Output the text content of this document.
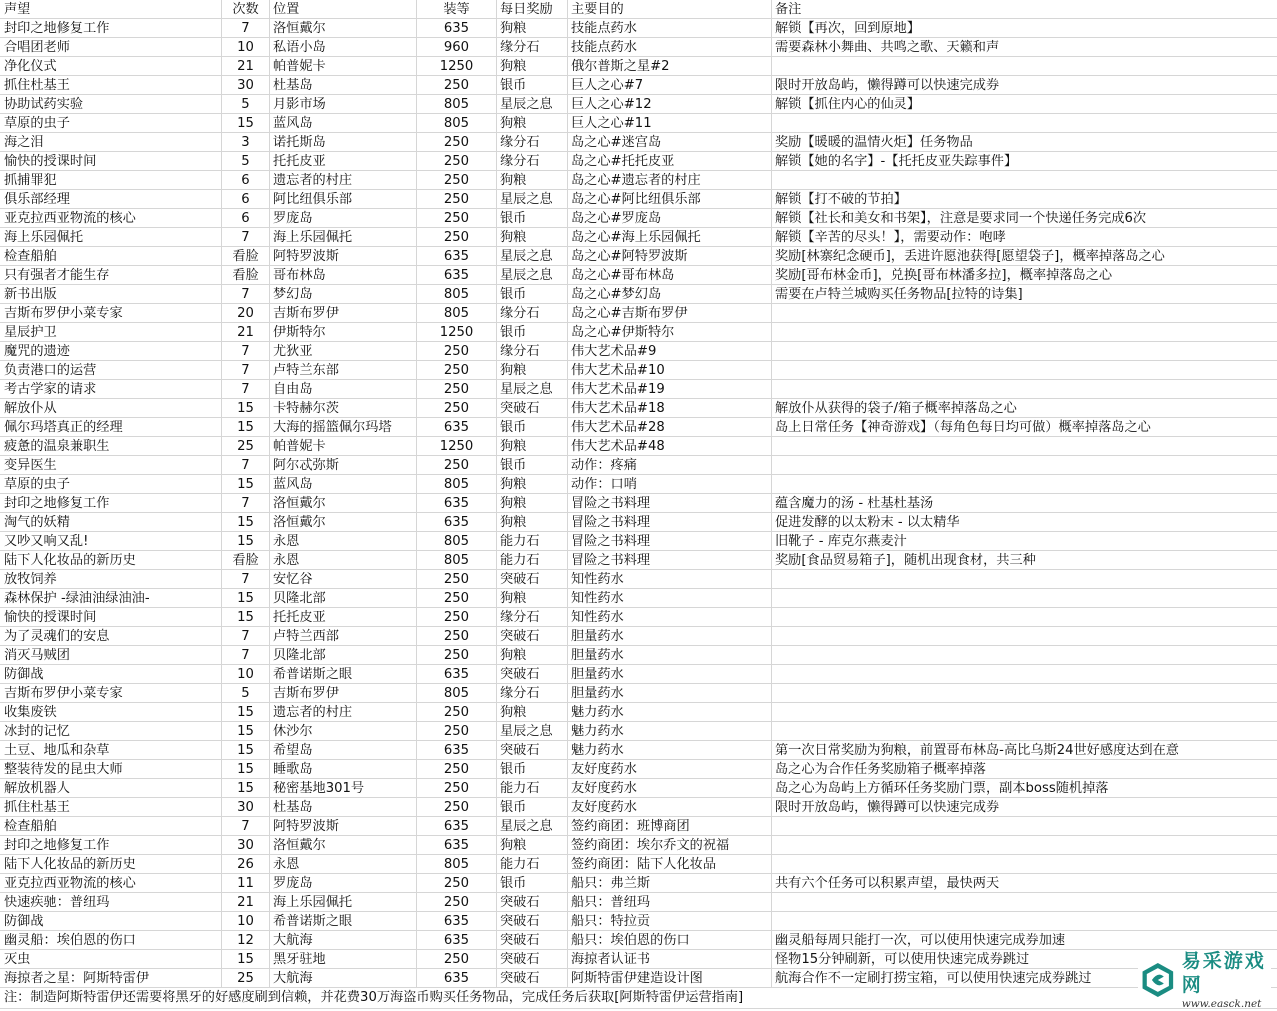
声望	次数	位置	装等	每日奖励	主要目的	备注
封印之地修复工作	7	洛恒戴尔	635	狗粮	技能点药水	解锁【再次，回到原地】
合唱团老师	10	私语小岛	960	缘分石	技能点药水	需要森林小舞曲、共鸣之歌、天籁和声
净化仪式	21	帕普妮卡	1250	狗粮	俄尔普斯之星#2
抓住杜基王	30	杜基岛	250	银币	巨人之心#7	限时开放岛屿，懒得蹲可以快速完成券
协助试药实验	5	月影市场	805	星辰之息	巨人之心#12	解锁【抓住内心的仙灵】
草原的虫子	15	蓝风岛	805	狗粮	巨人之心#11
海之泪	3	诺托斯岛	250	缘分石	岛之心#迷宫岛	奖励【暖暖的温情火炬】任务物品
愉快的授课时间	5	托托皮亚	250	缘分石	岛之心#托托皮亚	解锁【她的名字】-【托托皮亚失踪事件】
抓捕罪犯	6	遗忘者的村庄	250	狗粮	岛之心#遗忘者的村庄
俱乐部经理	6	阿比纽俱乐部	250	星辰之息	岛之心#阿比纽俱乐部	解锁【打不破的节拍】
亚克拉西亚物流的核心	6	罗庞岛	250	银币	岛之心#罗庞岛	解锁【社长和美女和书架】，注意是要求同一个快递任务完成6次
海上乐园佩托	7	海上乐园佩托	250	狗粮	岛之心#海上乐园佩托	解锁【辛苦的尽头！】，需要动作：咆哮
检查船舶	看脸	阿特罗波斯	635	星辰之息	岛之心#阿特罗波斯	奖励[林寨纪念硬币]，丢进许愿池获得[愿望袋子]，概率掉落岛之心
只有强者才能生存	看脸	哥布林岛	635	星辰之息	岛之心#哥布林岛	奖励[哥布林金币]，兑换[哥布林潘多拉]，概率掉落岛之心
新书出版	7	梦幻岛	805	银币	岛之心#梦幻岛	需要在卢特兰城购买任务物品[拉特的诗集]
吉斯布罗伊小菜专家	20	吉斯布罗伊	805	缘分石	岛之心#吉斯布罗伊
星辰护卫	21	伊斯特尔	1250	银币	岛之心#伊斯特尔
魔咒的遗迹	7	尤狄亚	250	缘分石	伟大艺术品#9
负责港口的运营	7	卢特兰东部	250	狗粮	伟大艺术品#10
考古学家的请求	7	自由岛	250	星辰之息	伟大艺术品#19
解放仆从	15	卡特赫尔茨	250	突破石	伟大艺术品#18	解放仆从获得的袋子/箱子概率掉落岛之心
佩尔玛塔真正的经理	15	大海的摇篮佩尔玛塔	635	银币	伟大艺术品#28	岛上日常任务【神奇游戏】（每角色每日均可做）概率掉落岛之心
疲惫的温泉兼职生	25	帕普妮卡	1250	狗粮	伟大艺术品#48
变异医生	7	阿尔忒弥斯	250	银币	动作：疼痛
草原的虫子	15	蓝风岛	805	狗粮	动作：口哨
封印之地修复工作	7	洛恒戴尔	635	狗粮	冒险之书料理	蕴含魔力的汤 - 杜基杜基汤
淘气的妖精	15	洛恒戴尔	635	狗粮	冒险之书料理	促进发酵的以太粉末 - 以太精华
又吵又响又乱!	15	永恩	805	能力石	冒险之书料理	旧靴子 - 库克尔燕麦汁
陆下人化妆品的新历史	看脸	永恩	805	能力石	冒险之书料理	奖励[食品贸易箱子]，随机出现食材，共三种
放牧饲养	7	安忆谷	250	突破石	知性药水
森林保护 -绿油油绿油油-	15	贝隆北部	250	狗粮	知性药水
愉快的授课时间	15	托托皮亚	250	缘分石	知性药水
为了灵魂们的安息	7	卢特兰西部	250	突破石	胆量药水
消灭马贼团	7	贝隆北部	250	狗粮	胆量药水
防御战	10	希普诺斯之眼	635	突破石	胆量药水
吉斯布罗伊小菜专家	5	吉斯布罗伊	805	缘分石	胆量药水
收集废铁	15	遗忘者的村庄	250	狗粮	魅力药水
冰封的记忆	15	休沙尔	250	星辰之息	魅力药水
土豆、地瓜和杂草	15	希望岛	635	突破石	魅力药水	第一次日常奖励为狗粮，前置哥布林岛-高比乌斯24世好感度达到在意
整装待发的昆虫大师	15	睡歌岛	250	银币	友好度药水	岛之心为合作任务奖励箱子概率掉落
解放机器人	15	秘密基地301号	250	能力石	友好度药水	岛之心为岛屿上方循环任务奖励门票，副本boss随机掉落
抓住杜基王	30	杜基岛	250	银币	友好度药水	限时开放岛屿，懒得蹲可以快速完成券
检查船舶	7	阿特罗波斯	635	星辰之息	签约商团：班博商团
封印之地修复工作	30	洛恒戴尔	635	狗粮	签约商团：埃尔乔文的祝福
陆下人化妆品的新历史	26	永恩	805	能力石	签约商团：陆下人化妆品
亚克拉西亚物流的核心	11	罗庞岛	250	银币	船只：弗兰斯	共有六个任务可以积累声望，最快两天
快速疾驰：普纽玛	21	海上乐园佩托	250	突破石	船只：普纽玛
防御战	10	希普诺斯之眼	635	突破石	船只：特拉贡
幽灵船：埃伯恩的伤口	12	大航海	635	突破石	船只：埃伯恩的伤口	幽灵船每周只能打一次，可以使用快速完成券加速
灭虫	15	黑牙驻地	250	突破石	海掠者认证书	怪物15分钟刷新，可以使用快速完成券跳过
海掠者之星：阿斯特雷伊	25	大航海	635	突破石	阿斯特雷伊建造设计图	航海合作不一定刷打捞宝箱，可以使用快速完成券跳过
注：制造阿斯特雷伊还需要将黑牙的好感度刷到信赖，并花费30万海盗币购买任务物品，完成任务后获取[阿斯特雷伊运营指南]
易采游戏网
www.easck.net
